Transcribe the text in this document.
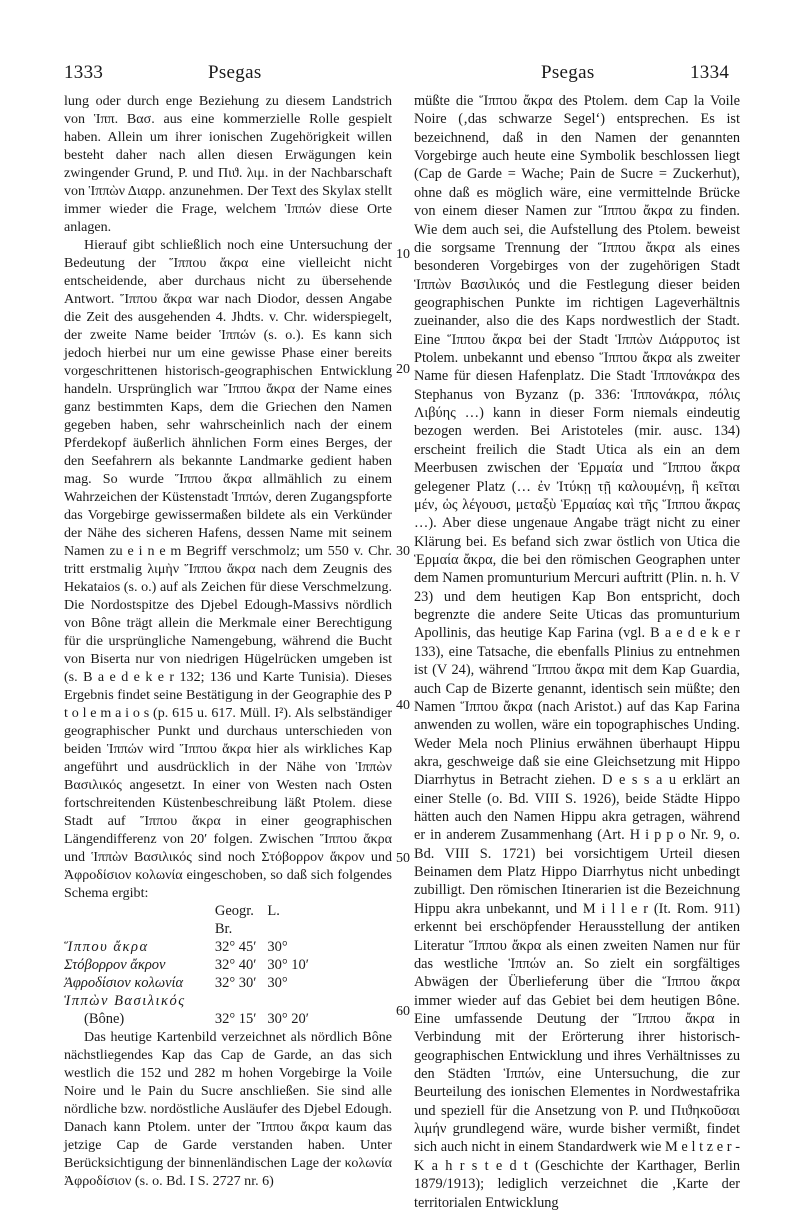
1333	Psegas	Psegas	1334

lung oder durch enge Beziehung zu diesem Landstrich von Ἱππ. Βασ. aus eine kommerzielle Rolle gespielt haben. Allein um ihrer ionischen Zugehörigkeit willen besteht daher nach allen diesen Erwägungen kein zwingender Grund, P. und Πιϑ. λιμ. in der Nachbarschaft von Ἱππὼν Διαρρ. anzunehmen. Der Text des Skylax stellt immer wieder die Frage, welchem Ἱππών diese Orte anlagen.

Hierauf gibt schließlich noch eine Untersuchung der Bedeutung der Ἵππου ἄκρα eine vielleicht nicht entscheidende, aber durchaus nicht zu übersehende Antwort. Ἵππου ἄκρα war nach Diodor, dessen Angabe die Zeit des ausgehenden 4. Jhdts. v. Chr. widerspiegelt, der zweite Name beider Ἱππών (s. o.). Es kann sich jedoch hierbei nur um eine gewisse Phase einer bereits vorgeschrittenen historisch-geographischen Entwicklung handeln. Ursprünglich war Ἵππου ἄκρα der Name eines ganz bestimmten Kaps, dem die Griechen den Namen gegeben haben, sehr wahrscheinlich nach der einem Pferdekopf äußerlich ähnlichen Form eines Berges, der den Seefahrern als bekannte Landmarke gedient haben mag. So wurde Ἵππου ἄκρα allmählich zu einem Wahrzeichen der Küstenstadt Ἱππών, deren Zugangspforte das Vorgebirge gewissermaßen bildete als ein Verkünder der Nähe des sicheren Hafens, dessen Name mit seinem Namen zu e i n e m Begriff verschmolz; um 550 v. Chr. tritt erstmalig λιμὴν Ἵππου ἄκρα nach dem Zeugnis des Hekataios (s. o.) auf als Zeichen für diese Verschmelzung. Die Nordostspitze des Djebel Edough-Massivs nördlich von Bône trägt allein die Merkmale einer Berechtigung für die ursprüngliche Namengebung, während die Bucht von Biserta nur von niedrigen Hügelrücken umgeben ist (s. B a e d e k e r 132; 136 und Karte Tunisia). Dieses Ergebnis findet seine Bestätigung in der Geographie des P t o l e m a i o s (p. 615 u. 617. Müll. I²). Als selbständiger geographischer Punkt und durchaus unterschieden von beiden Ἱππών wird Ἵππου ἄκρα hier als wirkliches Kap angeführt und ausdrücklich in der Nähe von Ἱππὼν Βασιλικός angesetzt. In einer von Westen nach Osten fortschreitenden Küstenbeschreibung läßt Ptolem. diese Stadt auf Ἵππου ἄκρα in einer geographischen Längendifferenz von 20′ folgen. Zwischen Ἵππου ἄκρα und Ἱππὼν Βασιλικός sind noch Στόβορρον ἄκρον und Ἀφροδίσιον κολωνία eingeschoben, so daß sich folgendes Schema ergibt:

	Geogr. Br.	L.
Ἵππου ἄκρα	32° 45′	30°
Στόβορρον ἄκρον	32° 40′	30° 10′
Ἀφροδίσιον κολωνία	32° 30′	30°
Ἱππὼν Βασιλικός		
(Bône)	32° 15′	30° 20′

Das heutige Kartenbild verzeichnet als nördlich Bône nächstliegendes Kap das Cap de Garde, an das sich westlich die 152 und 282 m hohen Vorgebirge la Voile Noire und le Pain du Sucre anschließen. Sie sind alle nördliche bzw. nordöstliche Ausläufer des Djebel Edough. Danach kann Ptolem. unter der Ἵππου ἄκρα kaum das jetzige Cap de Garde verstanden haben. Unter Berücksichtigung der binnenländischen Lage der κολωνία Ἀφροδίσιον (s. o. Bd. I S. 2727 nr. 6)

10
20
30
40
50
60

müßte die Ἵππου ἄκρα des Ptolem. dem Cap la Voile Noire (‚das schwarze Segel‘) entsprechen. Es ist bezeichnend, daß in den Namen der genannten Vorgebirge auch heute eine Symbolik beschlossen liegt (Cap de Garde = Wache; Pain de Sucre = Zuckerhut), ohne daß es möglich wäre, eine vermittelnde Brücke von einem dieser Namen zur Ἵππου ἄκρα zu finden. Wie dem auch sei, die Aufstellung des Ptolem. beweist die sorgsame Trennung der Ἵππου ἄκρα als eines besonderen Vorgebirges von der zugehörigen Stadt Ἱππὼν Βασιλικός und die Festlegung dieser beiden geographischen Punkte im richtigen Lageverhältnis zueinander, also die des Kaps nordwestlich der Stadt. Eine Ἵππου ἄκρα bei der Stadt Ἱππὼν Διάρρυτος ist Ptolem. unbekannt und ebenso Ἵππου ἄκρα als zweiter Name für diesen Hafenplatz. Die Stadt Ἱππονάκρα des Stephanus von Byzanz (p. 336: Ἱππονάκρα, πόλις Λιβύης …) kann in dieser Form niemals eindeutig bezogen werden. Bei Aristoteles (mir. ausc. 134) erscheint freilich die Stadt Utica als ein an dem Meerbusen zwischen der Ἑρμαία und Ἵππου ἄκρα gelegener Platz (… ἐν Ἰτύκῃ τῇ καλουμένῃ, ἣ κεῖται μέν, ὡς λέγουσι, μεταξὺ Ἑρμαίας καὶ τῆς Ἵππου ἄκρας …). Aber diese ungenaue Angabe trägt nicht zu einer Klärung bei. Es befand sich zwar östlich von Utica die Ἑρμαία ἄκρα, die bei den römischen Geographen unter dem Namen promunturium Mercuri auftritt (Plin. n. h. V 23) und dem heutigen Kap Bon entspricht, doch begrenzte die andere Seite Uticas das promunturium Apollinis, das heutige Kap Farina (vgl. B a e d e k e r 133), eine Tatsache, die ebenfalls Plinius zu entnehmen ist (V 24), während Ἵππου ἄκρα mit dem Kap Guardia, auch Cap de Bizerte genannt, identisch sein müßte; den Namen Ἵππου ἄκρα (nach Aristot.) auf das Kap Farina anwenden zu wollen, wäre ein topographisches Unding. Weder Mela noch Plinius erwähnen überhaupt Hippu akra, geschweige daß sie eine Gleichsetzung mit Hippo Diarrhytus in Betracht ziehen. D e s s a u erklärt an einer Stelle (o. Bd. VIII S. 1926), beide Städte Hippo hätten auch den Namen Hippu akra getragen, während er in anderem Zusammenhang (Art. H i p p o Nr. 9, o. Bd. VIII S. 1721) bei vorsichtigem Urteil diesen Beinamen dem Platz Hippo Diarrhytus nicht unbedingt zubilligt. Den römischen Itinerarien ist die Bezeichnung Hippu akra unbekannt, und M i l l e r (It. Rom. 911) erkennt bei erschöpfender Herausstellung der antiken Literatur Ἵππου ἄκρα als einen zweiten Namen nur für das westliche Ἱππών an. So zielt ein sorgfältiges Abwägen der Überlieferung über die Ἵππου ἄκρα immer wieder auf das Gebiet bei dem heutigen Bône. Eine umfassende Deutung der Ἵππου ἄκρα in Verbindung mit der Erörterung ihrer historisch-geographischen Entwicklung und ihres Verhältnisses zu den Städten Ἱππών, eine Untersuchung, die zur Beurteilung des ionischen Elementes in Nordwestafrika und speziell für die Ansetzung von P. und Πιϑηκοῦσαι λιμήν grundlegend wäre, wurde bisher vermißt, findet sich auch nicht in einem Standardwerk wie M e l t z e r - K a h r s t e d t (Geschichte der Karthager, Berlin 1879/1913); lediglich verzeichnet die ‚Karte der territorialen Entwicklung
